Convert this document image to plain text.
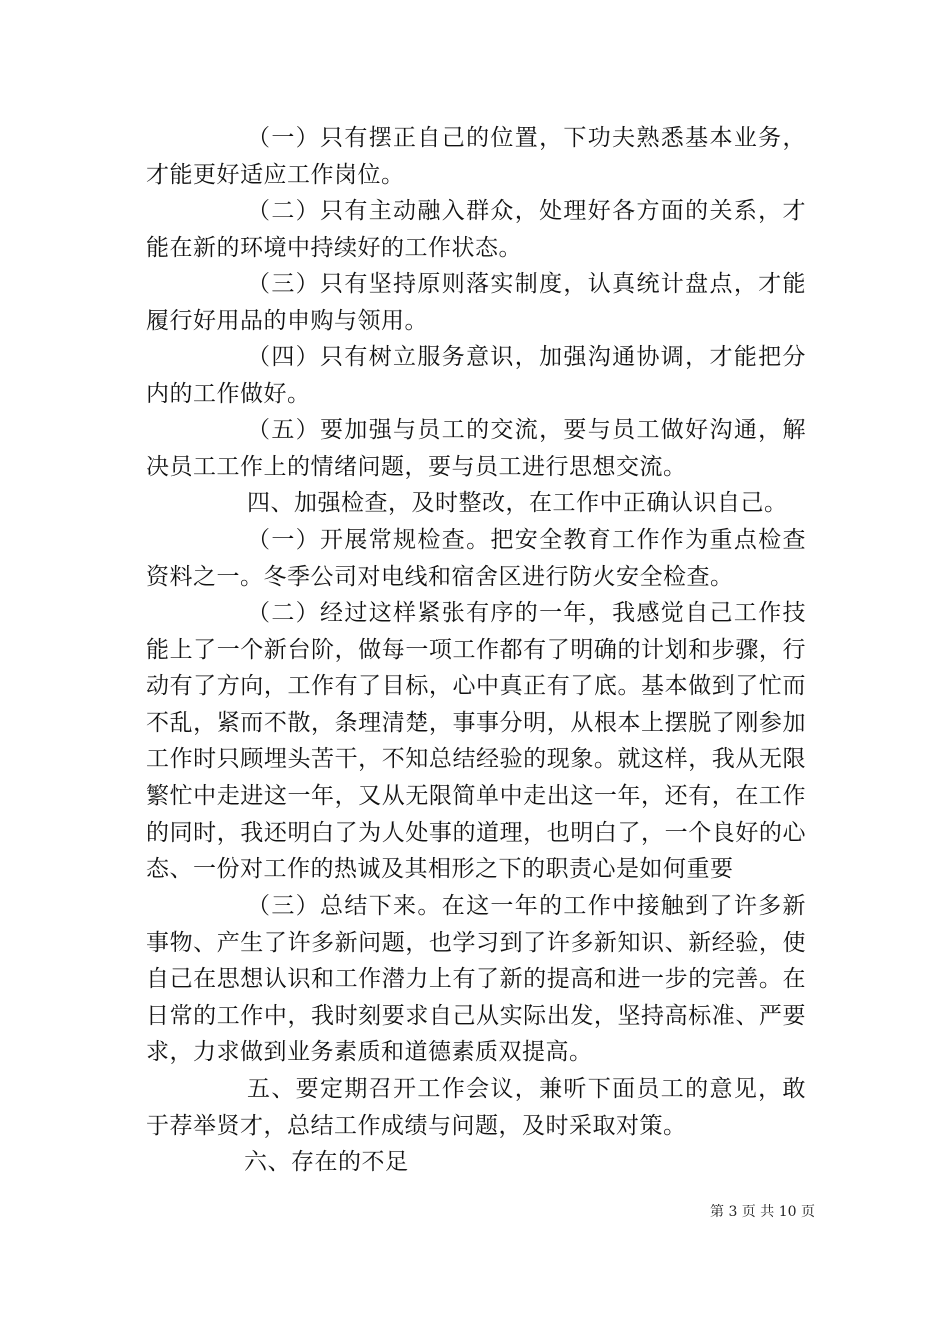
（一）只有摆正自己的位置，下功夫熟悉基本业务，才能更好适应工作岗位。

（二）只有主动融入群众，处理好各方面的关系，才能在新的环境中持续好的工作状态。

（三）只有坚持原则落实制度，认真统计盘点，才能履行好用品的申购与领用。

（四）只有树立服务意识，加强沟通协调，才能把分内的工作做好。

（五）要加强与员工的交流，要与员工做好沟通，解决员工工作上的情绪问题，要与员工进行思想交流。

四、加强检查，及时整改，在工作中正确认识自己。

（一）开展常规检查。把安全教育工作作为重点检查资料之一。冬季公司对电线和宿舍区进行防火安全检查。

（二）经过这样紧张有序的一年，我感觉自己工作技能上了一个新台阶，做每一项工作都有了明确的计划和步骤，行动有了方向，工作有了目标，心中真正有了底。基本做到了忙而不乱，紧而不散，条理清楚，事事分明，从根本上摆脱了刚参加工作时只顾埋头苦干，不知总结经验的现象。就这样，我从无限繁忙中走进这一年，又从无限简单中走出这一年，还有，在工作的同时，我还明白了为人处事的道理，也明白了，一个良好的心态、一份对工作的热诚及其相形之下的职责心是如何重要

（三）总结下来。在这一年的工作中接触到了许多新事物、产生了许多新问题，也学习到了许多新知识、新经验，使自己在思想认识和工作潜力上有了新的提高和进一步的完善。在日常的工作中，我时刻要求自己从实际出发，坚持高标准、严要求，力求做到业务素质和道德素质双提高。

五、要定期召开工作会议，兼听下面员工的意见，敢于荐举贤才，总结工作成绩与问题，及时采取对策。

六、存在的不足

第 3 页 共 10 页
